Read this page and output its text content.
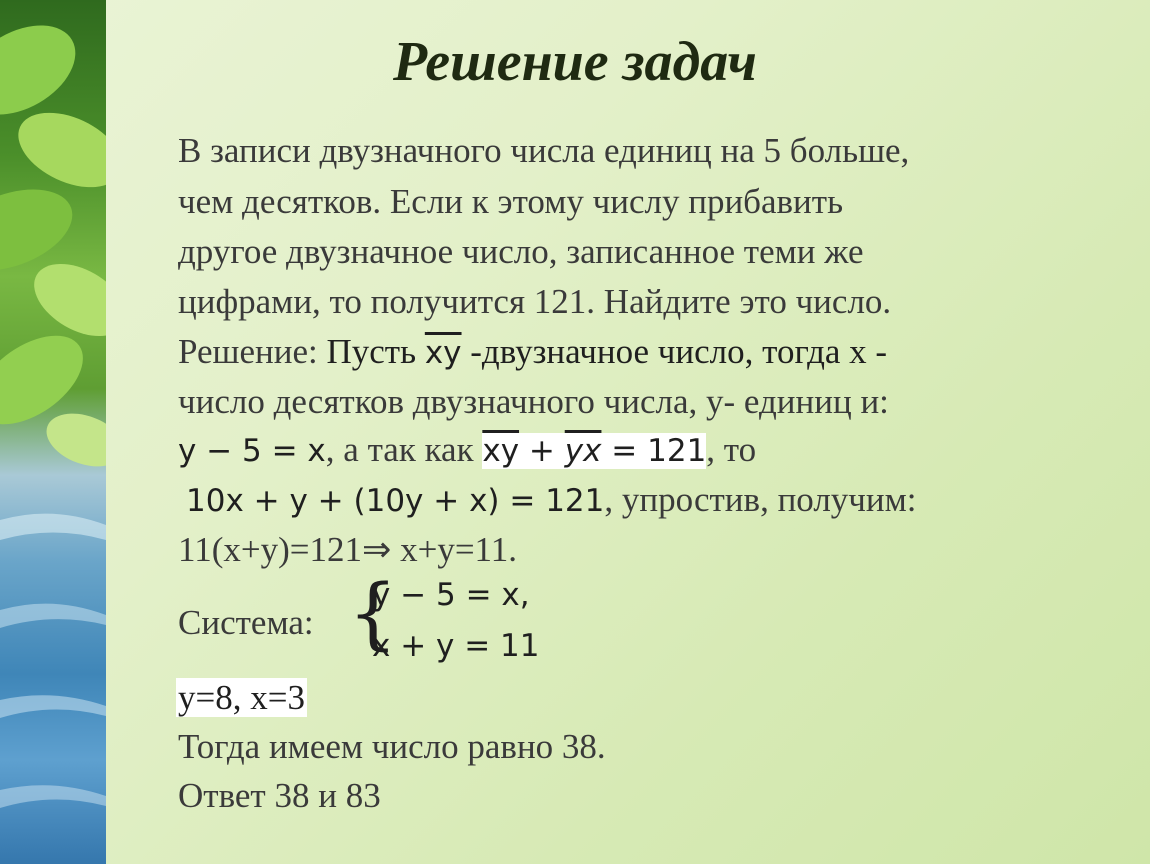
Решение задач
В записи двузначного числа единиц на 5 больше,
чем десятков. Если к этому числу прибавить
другое двузначное число, записанное теми же
цифрами, то получится 121. Найдите это число.
Решение: Пусть $\overline{xy}$ -двузначное число, тогда х -
число десятков двузначного числа, у- единиц и:
y − 5 = x, а так как $\overline{xy} + \overline{yx} = 121$, то
10x + y + (10y + x) = 121, упростив, получим:
11(х+у)=121⇒ х+у=11.
Система: {
y − 5 = x,
x + y = 11
у=8, х=3
Тогда имеем число равно 38.
Ответ 38 и 83
